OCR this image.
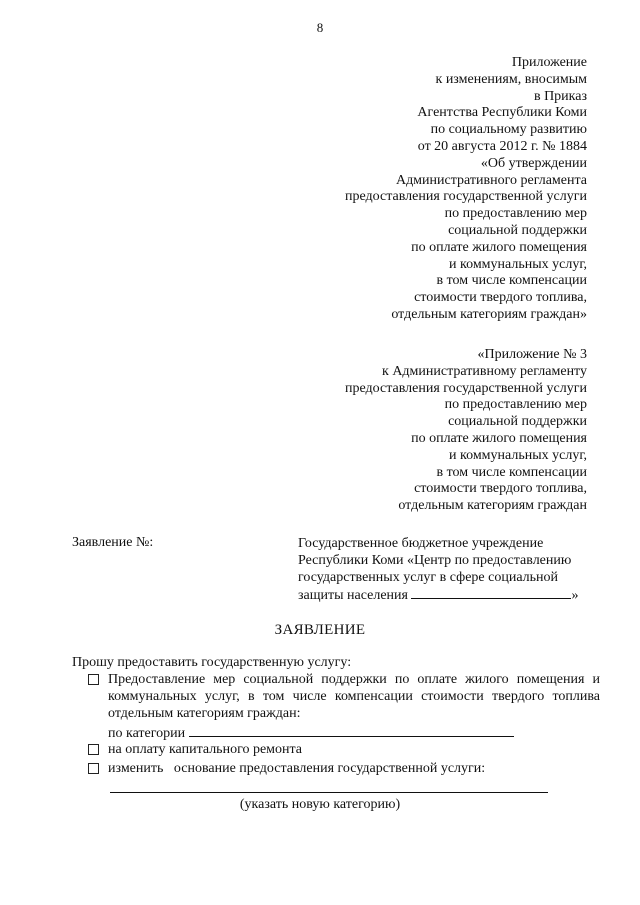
8
Приложение
к изменениям, вносимым
в Приказ
Агентства Республики Коми
по социальному развитию
от 20 августа 2012 г. № 1884
«Об утверждении
Административного регламента
предоставления государственной услуги
по предоставлению мер
социальной поддержки
по оплате жилого помещения
и коммунальных услуг,
в том числе компенсации
стоимости твердого топлива,
отдельным категориям граждан»
«Приложение № 3
к Административному регламенту
предоставления государственной услуги
по предоставлению мер
социальной поддержки
по оплате жилого помещения
и коммунальных услуг,
в том числе компенсации
стоимости твердого топлива,
отдельным категориям граждан
Заявление №:	Государственное бюджетное учреждение
Республики Коми «Центр по предоставлению
государственных услуг в сфере социальной
защиты населения	»
ЗАЯВЛЕНИЕ
Прошу предоставить государственную услугу:
Предоставление мер социальной поддержки по оплате жилого помещения и коммунальных услуг, в том числе компенсации стоимости твердого топлива отдельным категориям граждан:
по категории
на оплату капитального ремонта
изменить   основание предоставления государственной услуги:
(указать новую категорию)
